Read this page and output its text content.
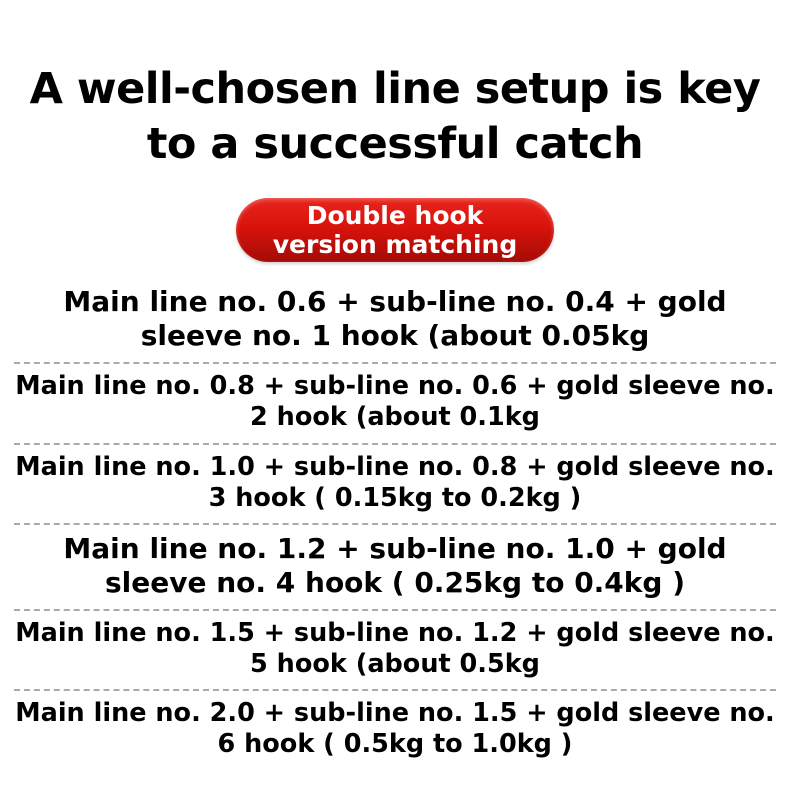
A well-chosen line setup is key to a successful catch
Double hook version matching
Main line no. 0.6 + sub-line no. 0.4 + gold sleeve no. 1 hook (about 0.05kg
Main line no. 0.8 + sub-line no. 0.6 + gold sleeve no. 2 hook (about 0.1kg
Main line no. 1.0 + sub-line no. 0.8 + gold sleeve no. 3 hook ( 0.15kg to 0.2kg )
Main line no. 1.2 + sub-line no. 1.0 + gold sleeve no. 4 hook ( 0.25kg to 0.4kg )
Main line no. 1.5 + sub-line no. 1.2 + gold sleeve no. 5 hook (about 0.5kg
Main line no. 2.0 + sub-line no. 1.5 + gold sleeve no. 6 hook ( 0.5kg to 1.0kg )
